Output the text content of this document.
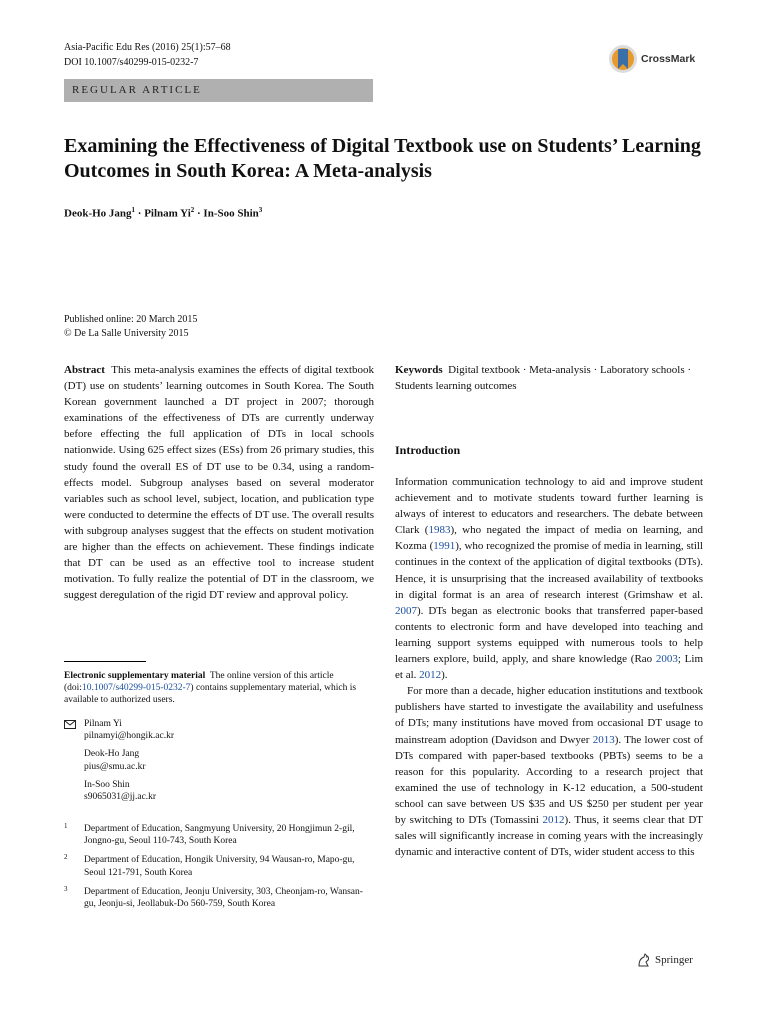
Asia-Pacific Edu Res (2016) 25(1):57–68
DOI 10.1007/s40299-015-0232-7
REGULAR ARTICLE
CrossMark
Examining the Effectiveness of Digital Textbook use on Students’ Learning Outcomes in South Korea: A Meta-analysis
Deok-Ho Jang$^1$ · Pilnam $Yi^2 \cdot In-Soo$ Shin$^3$
Published online: 20 March 2015
© De La Salle University 2015
Abstract This meta-analysis examines the effects of digital textbook (DT) use on students’ learning outcomes in South Korea. The South Korean government launched a DT project in 2007; thorough examinations of the effectiveness of DTs are currently underway before effecting the full application of DTs in local schools nationwide. Using 625 effect sizes (ESs) from 26 primary studies, this study found the overall ES of DT use to be 0.34, using a random-effects model. Subgroup analyses based on several moderator variables such as school level, subject, location, and publication type were conducted to determine the effects of DT use. The overall results with subgroup analyses suggest that the effects on student motivation are higher than the effects on achievement. These findings indicate that DT can be used as an effective tool to increase student motivation. To fully realize the potential of DT in the classroom, we suggest deregulation of the rigid DT review and approval policy.
Electronic supplementary material The online version of this article (doi:10.1007/s40299-015-0232-7) contains supplementary material, which is available to authorized users.
Pilnam Yi
pilnamyi@hongik.ac.kr
Deok-Ho Jang
pius@smu.ac.kr
In-Soo Shin
s9065031@jj.ac.kr
1 Department of Education, Sangmyung University, 20 Hongjimun 2-gil, Jongno-gu, Seoul 110-743, South Korea
2 Department of Education, Hongik University, 94 Wausan-ro, Mapo-gu, Seoul 121-791, South Korea
3 Department of Education, Jeonju University, 303, Cheonjam-ro, Wansan-gu, Jeonju-si, Jeollabuk-Do 560-759, South Korea
Keywords Digital textbook · Meta-analysis · Laboratory schools · Students learning outcomes
Introduction

Information communication technology to aid and improve student achievement and to motivate students toward further learning is always of interest to educators and researchers. The debate between Clark (1983), who negated the impact of media on learning, and Kozma (1991), who recognized the promise of media in learning, still continues in the context of the application of digital textbooks (DTs). Hence, it is unsurprising that the increased availability of textbooks in digital format is an area of research interest (Grimshaw et al. 2007). DTs began as electronic books that transferred paper-based contents to electronic form and have developed into teaching and learning support systems equipped with numerous tools to help learners explore, build, apply, and share knowledge (Rao 2003; Lim et al. 2012).

For more than a decade, higher education institutions and textbook publishers have started to investigate the availability and usefulness of DTs; many institutions have moved from occasional DT usage to mainstream adoption (Davidson and Dwyer 2013). The lower cost of DTs compared with paper-based textbooks (PBTs) seems to be a reason for this popularity. According to a research project that examined the use of technology in K-12 education, a 500-student school can save between US $35 and US $250 per student per year by switching to DTs (Tomassini 2012). Thus, it seems clear that DT sales will significantly increase in coming years with the increasingly dynamic and interactive content of DTs, wider student access to this

Springer
